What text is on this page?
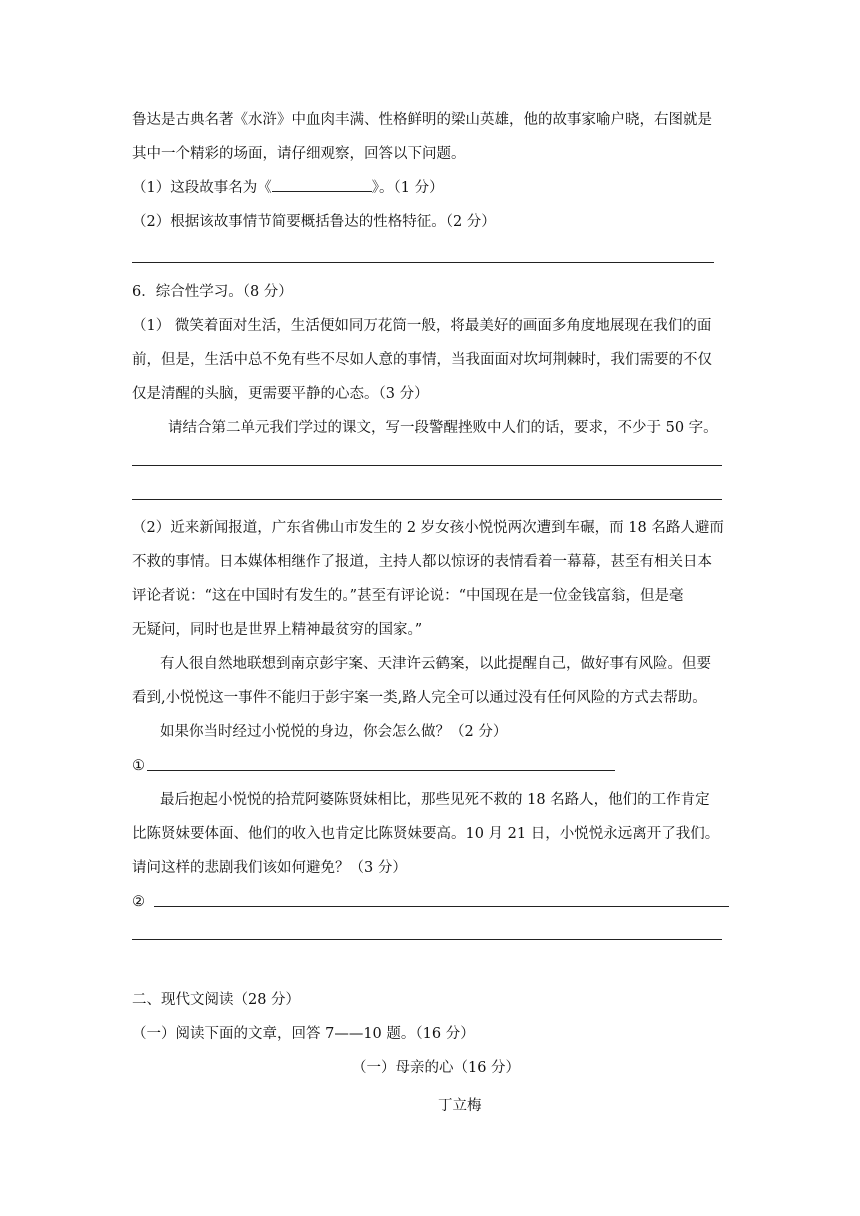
鲁达是古典名著《水浒》中血肉丰满、性格鲜明的梁山英雄，他的故事家喻户晓，右图就是
其中一个精彩的场面，请仔细观察，回答以下问题。
（1）这段故事名为《	》。（1 分）
（2）根据该故事情节简要概括鲁达的性格特征。（2 分）
6．综合性学习。（8 分）
（1） 微笑着面对生活，生活便如同万花筒一般，将最美好的画面多角度地展现在我们的面
前，但是，生活中总不免有些不尽如人意的事情，当我面面对坎坷荆棘时，我们需要的不仅
仅是清醒的头脑，更需要平静的心态。（3 分）
请结合第二单元我们学过的课文，写一段警醒挫败中人们的话，要求，不少于 50 字。
（2）近来新闻报道，广东省佛山市发生的 2 岁女孩小悦悦两次遭到车碾，而 18 名路人避而
不救的事情。日本媒体相继作了报道，主持人都以惊讶的表情看着一幕幕，甚至有相关日本
评论者说：“这在中国时有发生的。”甚至有评论说：“中国现在是一位金钱富翁，但是毫
无疑问，同时也是世界上精神最贫穷的国家。”
有人很自然地联想到南京彭宇案、天津许云鹤案，以此提醒自己，做好事有风险。但要
看到,小悦悦这一事件不能归于彭宇案一类,路人完全可以通过没有任何风险的方式去帮助。
如果你当时经过小悦悦的身边，你会怎么做？（2 分）
①
最后抱起小悦悦的拾荒阿婆陈贤妹相比，那些见死不救的 18 名路人，他们的工作肯定
比陈贤妹要体面、他们的收入也肯定比陈贤妹要高。10 月 21 日，小悦悦永远离开了我们。
请问这样的悲剧我们该如何避免？（3 分）
②
二、现代文阅读（28 分）
（一）阅读下面的文章，回答 7——10 题。（16 分）
（一）母亲的心（16 分）
丁立梅
